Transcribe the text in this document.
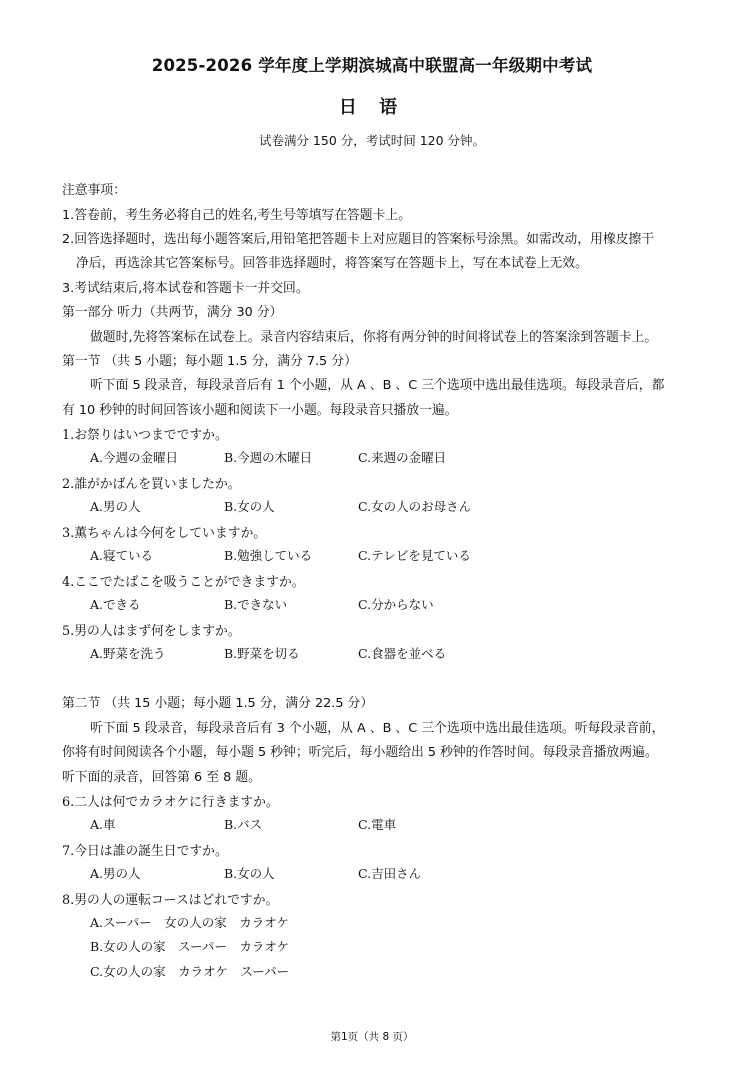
2025-2026 学年度上学期滨城高中联盟高一年级期中考试
日 语
试卷满分 150 分，考试时间 120 分钟。
注意事项：
1.答卷前，考生务必将自己的姓名,考生号等填写在答题卡上。
2.回答选择题时，选出每小题答案后,用铅笔把答题卡上对应题目的答案标号涂黑。如需改动，用橡皮擦干
净后，再选涂其它答案标号。回答非选择题时，将答案写在答题卡上，写在本试卷上无效。
3.考试结束后,将本试卷和答题卡一并交回。
第一部分 听力（共两节，满分 30 分）
做题时,先将答案标在试卷上。录音内容结束后，你将有两分钟的时间将试卷上的答案涂到答题卡上。
第一节 （共 5 小题；每小题 1.5 分，满分 7.5 分）
听下面 5 段录音，每段录音后有 1 个小题，从 A 、B 、C 三个选项中选出最佳选项。每段录音后，都
有 10 秒钟的时间回答该小题和阅读下一小题。每段录音只播放一遍。
1.お祭りはいつまでですか。
A.今週の金曜日	B.今週の木曜日	C.来週の金曜日
2.誰がかばんを買いましたか。
A.男の人	B.女の人	C.女の人のお母さん
3.薫ちゃんは今何をしていますか。
A.寝ている	B.勉強している	C.テレビを見ている
4.ここでたばこを吸うことができますか。
A.できる	B.できない	C.分からない
5.男の人はまず何をしますか。
A.野菜を洗う	B.野菜を切る	C.食器を並べる
第二节 （共 15 小题；每小题 1.5 分，满分 22.5 分）
听下面 5 段录音，每段录音后有 3 个小题，从 A 、B 、C 三个选项中选出最佳选项。听每段录音前，
你将有时间阅读各个小题，每小题 5 秒钟；听完后，每小题给出 5 秒钟的作答时间。每段录音播放两遍。
听下面的录音，回答第 6 至 8 题。
6.二人は何でカラオケに行きますか。
A.車	B.バス	C.電車
7.今日は誰の誕生日ですか。
A.男の人	B.女の人	C.吉田さん
8.男の人の運転コースはどれですか。
A.スーパー　女の人の家　カラオケ
B.女の人の家　スーパー　カラオケ
C.女の人の家　カラオケ　スーパー
第1页（共 8 页）
